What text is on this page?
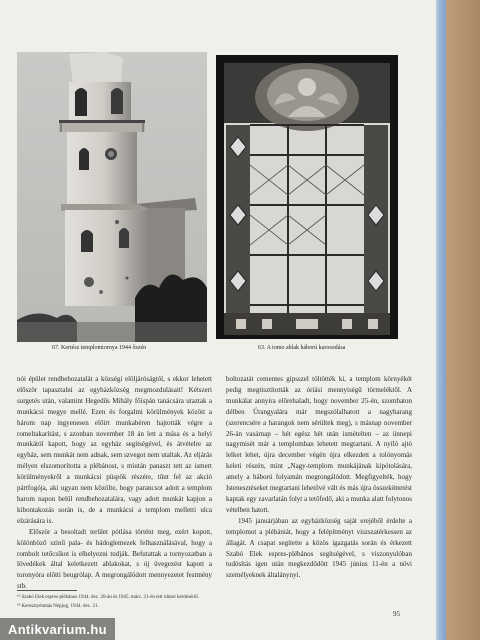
67. Kertész templomtornya 1944 őszén	63. A tomo ablak háború karosodása

nói épület rendbehozatalát a községi elöljáróságtól, s ekkor lehetett először tapasztalni az egyházközség megmozdulásait! Kétszeri surgetés után, valamint Hegedűs Mihály főispán tanácsára utaztak a munkácsi megye mellé. Ezen és forgalmi körülmények között a három nap ingyenesen előirt munkabéren hajtották végre a romeltakarítást, s azonban november 18 án lett a mása és a helyi munkától kapott, hogy az egyház segítségével, és átvételre az egyház, sem munkát nem adnak, sem szvegot nem utaltak. Az eljárás mélyen elszomorította a plébánost, s miután panaszt tett az ismert körülményekről a munkácsi püspök részére, tűnt fel az akció pártfogója, aki ugyan nem közölte, hogy parancsot adott a templom harom napon belül rendbehozatalára, vagy adott munkát kapjon a kibontakozás során is, de a munkácsi a templom melletti ulca elzárására is.

Először a besoltadt terület pótlása történt meg, ezért kopott, kölönböző szinű pala- és bádoglemezek felhasználásával, hogy a rombolt tetőcsíkot is elhelyezni tudják. Befutattak a tornyozatban a lövedékek által keletkezett ablakokat, s új üvegezést kapott a toronyóra előtti beugrólap. A megrongálódott mennyezetet festmény stb.

boltozatát cementes gipsszel töltötték ki, a templom környékét pedig megtisztították az óriási mennyiségű törmeléktől. A munkálat annyira előrehaladt, hogy november 25-én, szombaton délben Úrangyalára már megszólalhatott a nagyharang (szerencsére a harangok nem sérültek meg), s másnap november 26-án vasárnap – hét egész hét után ismételten – az ünnepi nagymisét már a templomban lehetett megtartani. A nyíló ajtó lelket lehet, újra december végén újra elkezdett a tolónyomás keleti részén, mint „Nagy-templom munkájának kipótolására, amely a háború folyamán megrongálódott. Megfigyelték, hogy Istenesztéseket megtartani lehetővé vált és más újra összeköttetést kaptak egy zavarlatán folyt a tetőfedő, aki a munka alatt folytonos vételben hatott.

1945 januárjában az egyházközség saját erejéből érdelte a templomot a plébániát, hogy a felépítményt viszszatérkessen az állagát. A csapat segítette a közös igazgatás során és érkezett Szabó Elek espres-plébános segítségével, s viszonyulóban tudósítás igen után megkezdődött 1945 június 11-én a növi személyeknek általánynyi.

⁶¹ Szabó Elek espres-plébános 1944. dec. 20-án és 1945. márc. 21-én tett idézet kérdéséről.
⁶² Keresztyénmás Népjog, 1944. dec. 21.
95
Antikvarium.hu
